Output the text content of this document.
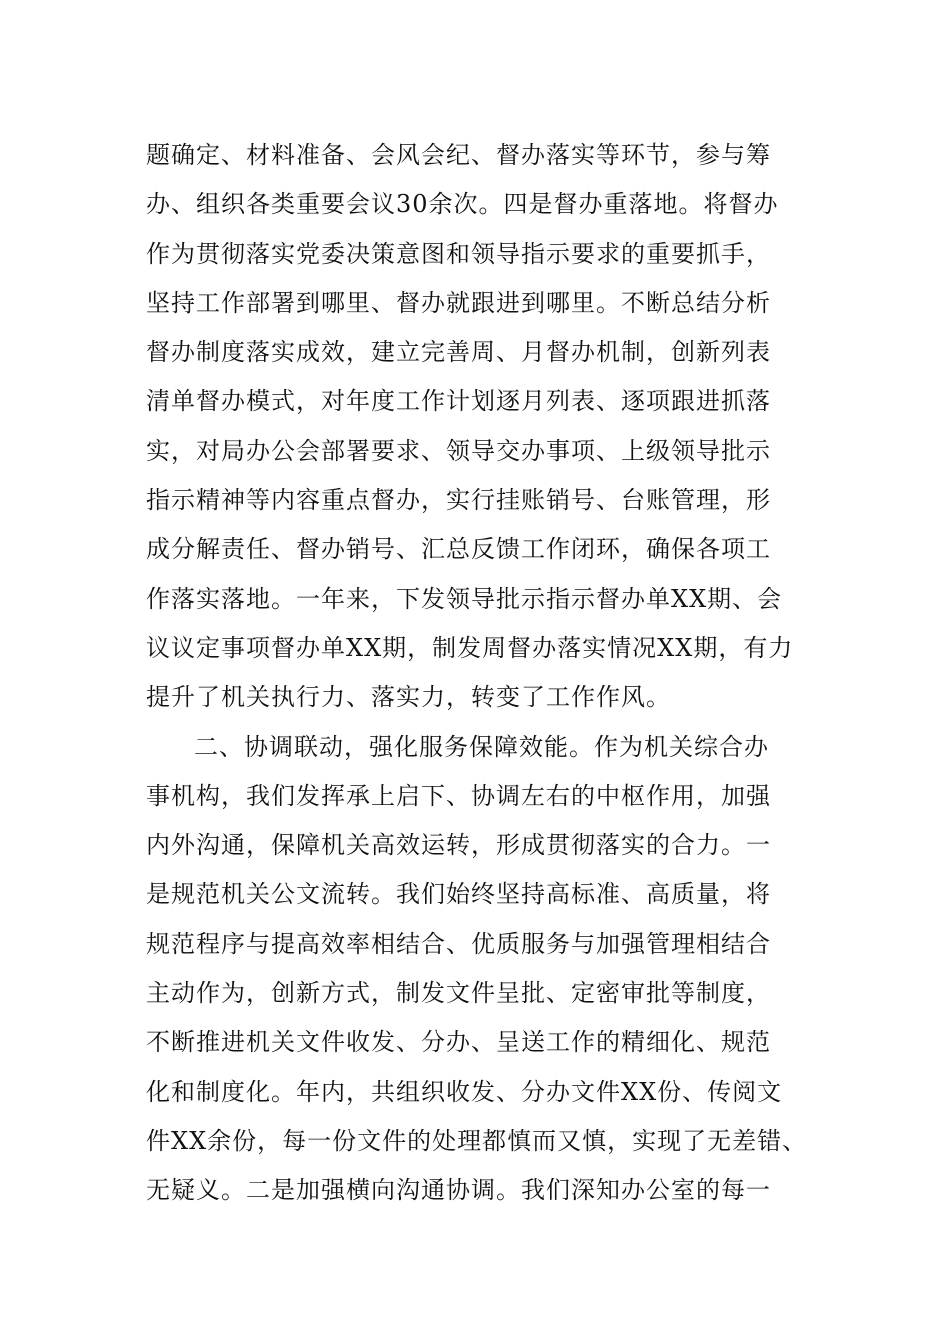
题确定、材料准备、会风会纪、督办落实等环节，参与筹
办、组织各类重要会议30余次。四是督办重落地。将督办
作为贯彻落实党委决策意图和领导指示要求的重要抓手，
坚持工作部署到哪里、督办就跟进到哪里。不断总结分析
督办制度落实成效，建立完善周、月督办机制，创新列表
清单督办模式，对年度工作计划逐月列表、逐项跟进抓落
实，对局办公会部署要求、领导交办事项、上级领导批示
指示精神等内容重点督办，实行挂账销号、台账管理，形
成分解责任、督办销号、汇总反馈工作闭环，确保各项工
作落实落地。一年来，下发领导批示指示督办单XX期、会
议议定事项督办单XX期，制发周督办落实情况XX期，有力
提升了机关执行力、落实力，转变了工作作风。
二、协调联动，强化服务保障效能。作为机关综合办
事机构，我们发挥承上启下、协调左右的中枢作用，加强
内外沟通，保障机关高效运转，形成贯彻落实的合力。一
是规范机关公文流转。我们始终坚持高标准、高质量，将
规范程序与提高效率相结合、优质服务与加强管理相结合
主动作为，创新方式，制发文件呈批、定密审批等制度，
不断推进机关文件收发、分办、呈送工作的精细化、规范
化和制度化。年内，共组织收发、分办文件XX份、传阅文
件XX余份，每一份文件的处理都慎而又慎，实现了无差错、
无疑义。二是加强横向沟通协调。我们深知办公室的每一
